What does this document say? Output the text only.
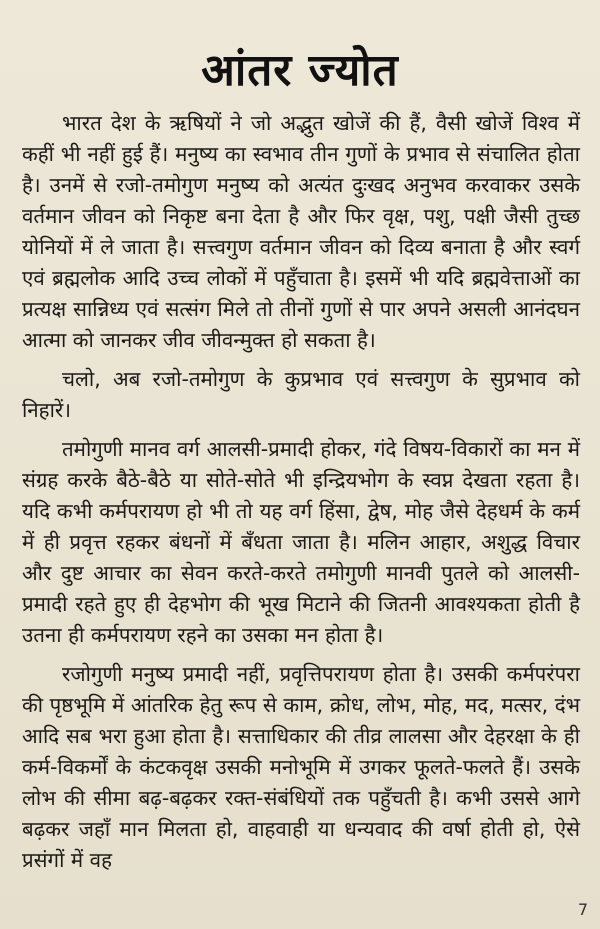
आंतर ज्योत

भारत देश के ऋषियों ने जो अद्भुत खोजें की हैं, वैसी खोजें विश्व में कहीं भी नहीं हुई हैं। मनुष्य का स्वभाव तीन गुणों के प्रभाव से संचालित होता है। उनमें से रजो-तमोगुण मनुष्य को अत्यंत दुःखद अनुभव करवाकर उसके वर्तमान जीवन को निकृष्ट बना देता है और फिर वृक्ष, पशु, पक्षी जैसी तुच्छ योनियों में ले जाता है। सत्त्वगुण वर्तमान जीवन को दिव्य बनाता है और स्वर्ग एवं ब्रह्मलोक आदि उच्च लोकों में पहुँचाता है। इसमें भी यदि ब्रह्मवेत्ताओं का प्रत्यक्ष सान्निध्य एवं सत्संग मिले तो तीनों गुणों से पार अपने असली आनंदघन आत्मा को जानकर जीव जीवन्मुक्त हो सकता है।

चलो, अब रजो-तमोगुण के कुप्रभाव एवं सत्त्वगुण के सुप्रभाव को निहारें।

तमोगुणी मानव वर्ग आलसी-प्रमादी होकर, गंदे विषय-विकारों का मन में संग्रह करके बैठे-बैठे या सोते-सोते भी इन्द्रियभोग के स्वप्न देखता रहता है। यदि कभी कर्मपरायण हो भी तो यह वर्ग हिंसा, द्वेष, मोह जैसे देहधर्म के कर्म में ही प्रवृत्त रहकर बंधनों में बँधता जाता है। मलिन आहार, अशुद्ध विचार और दुष्ट आचार का सेवन करते-करते तमोगुणी मानवी पुतले को आलसी-प्रमादी रहते हुए ही देहभोग की भूख मिटाने की जितनी आवश्यकता होती है उतना ही कर्मपरायण रहने का उसका मन होता है।

रजोगुणी मनुष्य प्रमादी नहीं, प्रवृत्तिपरायण होता है। उसकी कर्मपरंपरा की पृष्ठभूमि में आंतरिक हेतु रूप से काम, क्रोध, लोभ, मोह, मद, मत्सर, दंभ आदि सब भरा हुआ होता है। सत्ताधिकार की तीव्र लालसा और देहरक्षा के ही कर्म-विकर्मों के कंटकवृक्ष उसकी मनोभूमि में उगकर फूलते-फलते हैं। उसके लोभ की सीमा बढ़-बढ़कर रक्त-संबंधियों तक पहुँचती है। कभी उससे आगे बढ़कर जहाँ मान मिलता हो, वाहवाही या धन्यवाद की वर्षा होती हो, ऐसे प्रसंगों में वह

7
